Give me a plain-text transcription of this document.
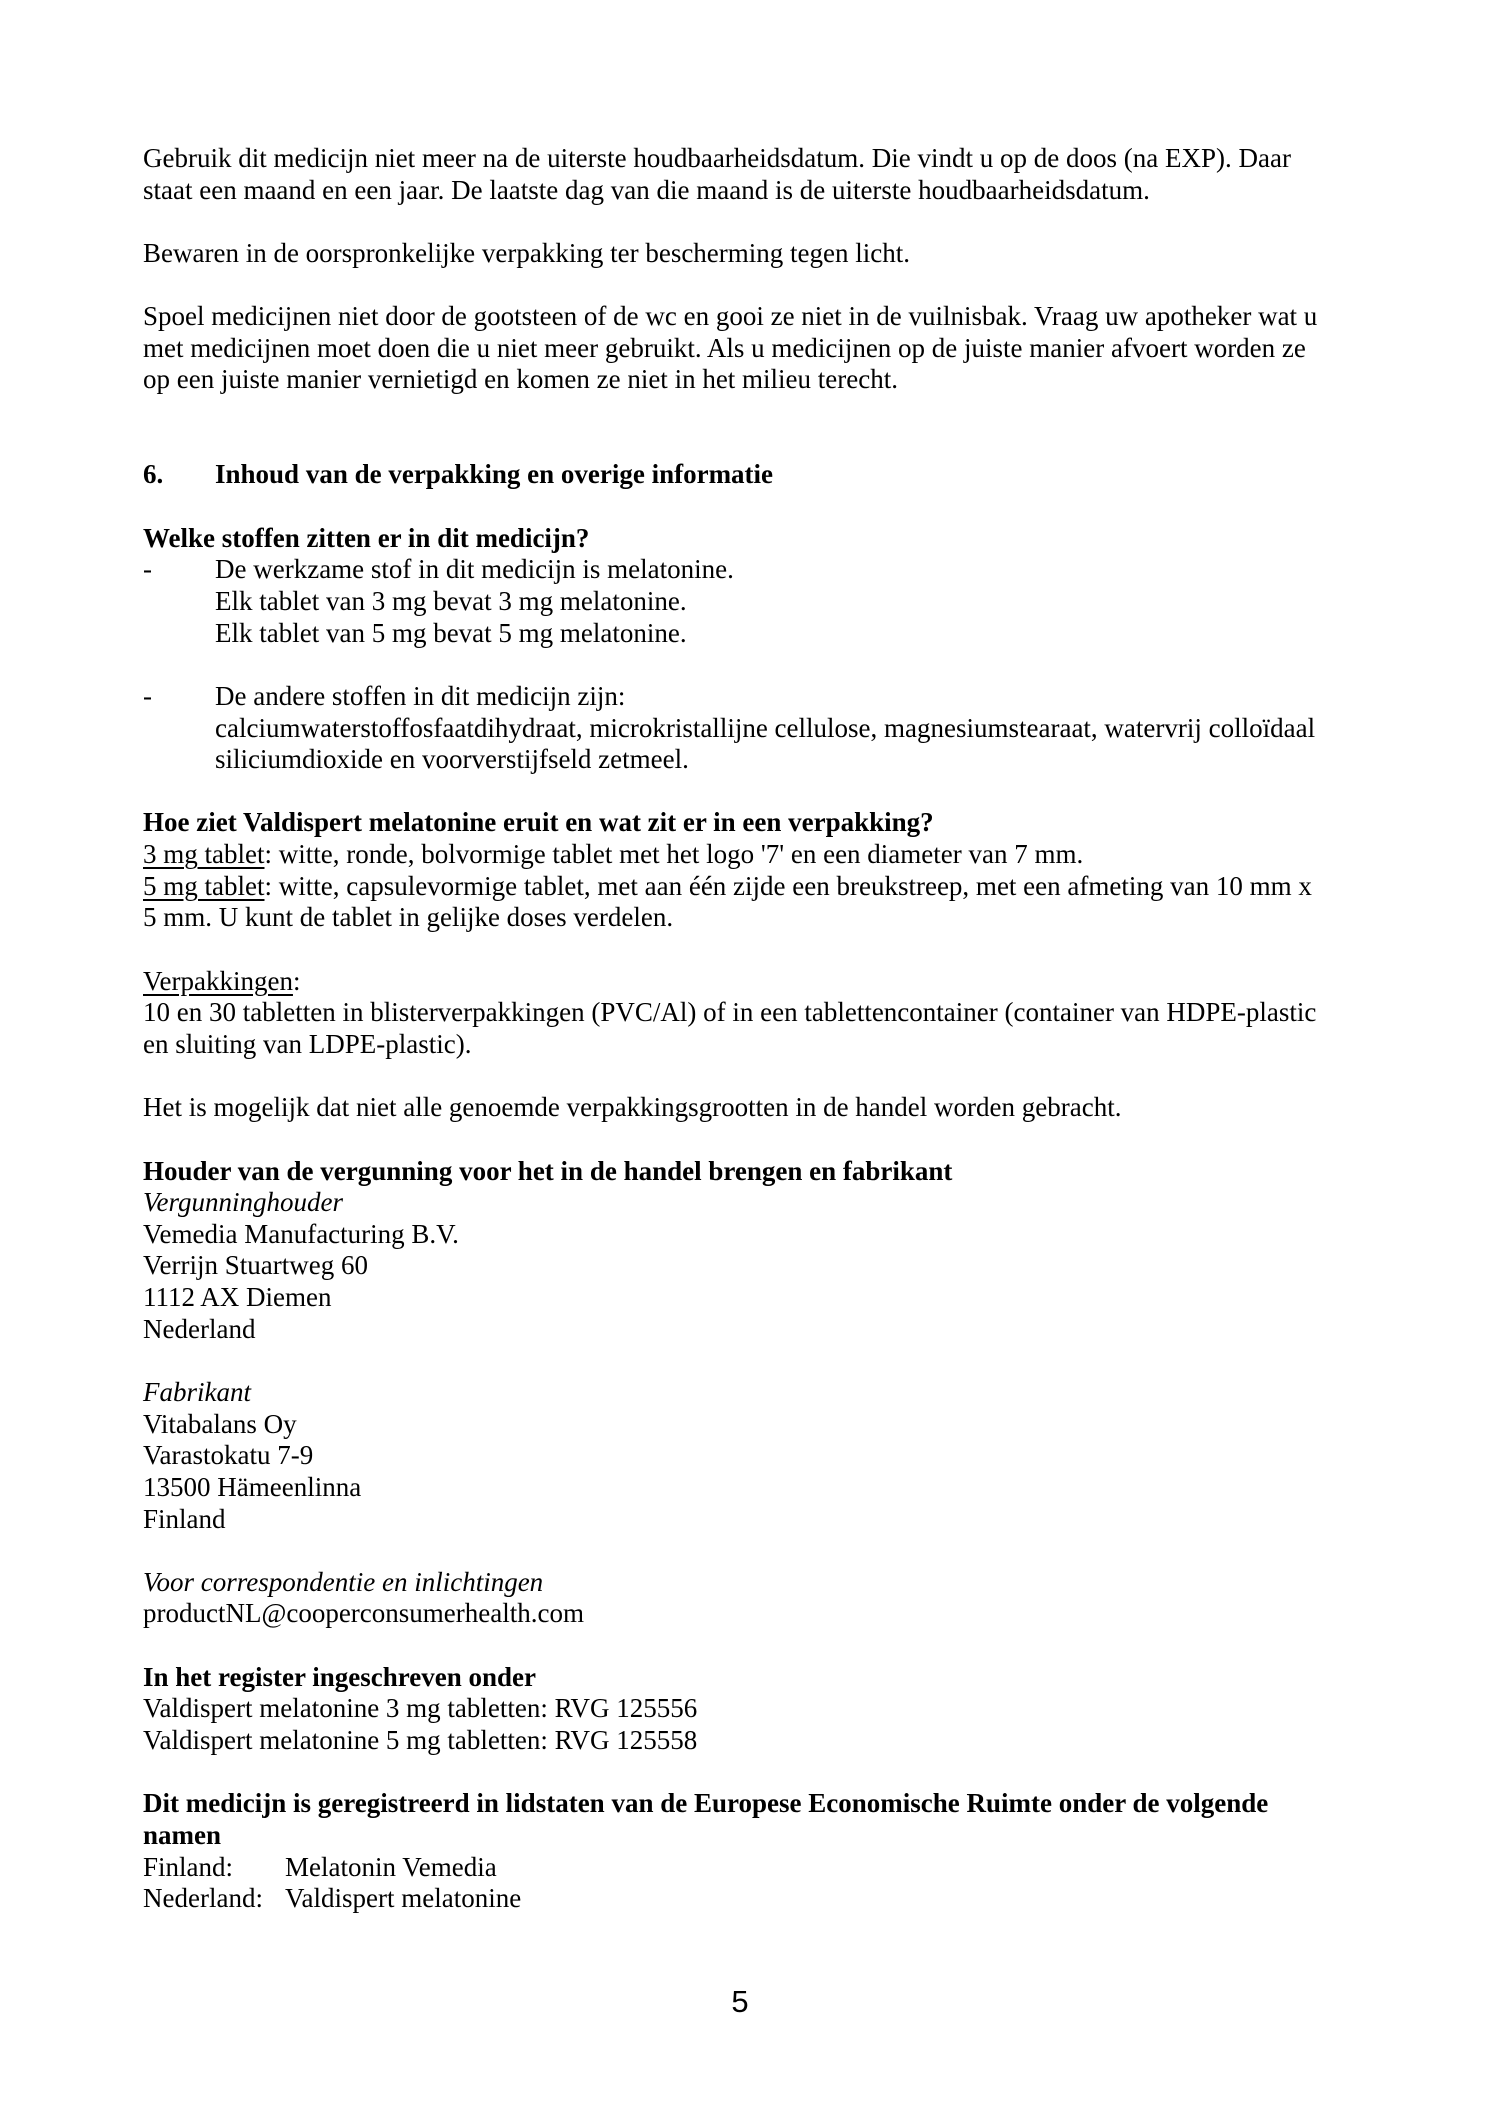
Gebruik dit medicijn niet meer na de uiterste houdbaarheidsdatum. Die vindt u op de doos (na EXP). Daar
staat een maand en een jaar. De laatste dag van die maand is de uiterste houdbaarheidsdatum.
Bewaren in de oorspronkelijke verpakking ter bescherming tegen licht.
Spoel medicijnen niet door de gootsteen of de wc en gooi ze niet in de vuilnisbak. Vraag uw apotheker wat u
met medicijnen moet doen die u niet meer gebruikt. Als u medicijnen op de juiste manier afvoert worden ze
op een juiste manier vernietigd en komen ze niet in het milieu terecht.
6. Inhoud van de verpakking en overige informatie
Welke stoffen zitten er in dit medicijn?
- De werkzame stof in dit medicijn is melatonine.
Elk tablet van 3 mg bevat 3 mg melatonine.
Elk tablet van 5 mg bevat 5 mg melatonine.
- De andere stoffen in dit medicijn zijn:
calciumwaterstoffosfaatdihydraat, microkristallijne cellulose, magnesiumstearaat, watervrij colloïdaal
siliciumdioxide en voorverstijfseld zetmeel.
Hoe ziet Valdispert melatonine eruit en wat zit er in een verpakking?
3 mg tablet: witte, ronde, bolvormige tablet met het logo '7' en een diameter van 7 mm.
5 mg tablet: witte, capsulevormige tablet, met aan één zijde een breukstreep, met een afmeting van 10 mm x
5 mm. U kunt de tablet in gelijke doses verdelen.
Verpakkingen:
10 en 30 tabletten in blisterverpakkingen (PVC/Al) of in een tablettencontainer (container van HDPE-plastic
en sluiting van LDPE-plastic).
Het is mogelijk dat niet alle genoemde verpakkingsgrootten in de handel worden gebracht.
Houder van de vergunning voor het in de handel brengen en fabrikant
Vergunninghouder
Vemedia Manufacturing B.V.
Verrijn Stuartweg 60
1112 AX Diemen
Nederland
Fabrikant
Vitabalans Oy
Varastokatu 7-9
13500 Hämeenlinna
Finland
Voor correspondentie en inlichtingen
productNL@cooperconsumerhealth.com
In het register ingeschreven onder
Valdispert melatonine 3 mg tabletten: RVG 125556
Valdispert melatonine 5 mg tabletten: RVG 125558
Dit medicijn is geregistreerd in lidstaten van de Europese Economische Ruimte onder de volgende
namen
Finland: Melatonin Vemedia
Nederland: Valdispert melatonine
5
